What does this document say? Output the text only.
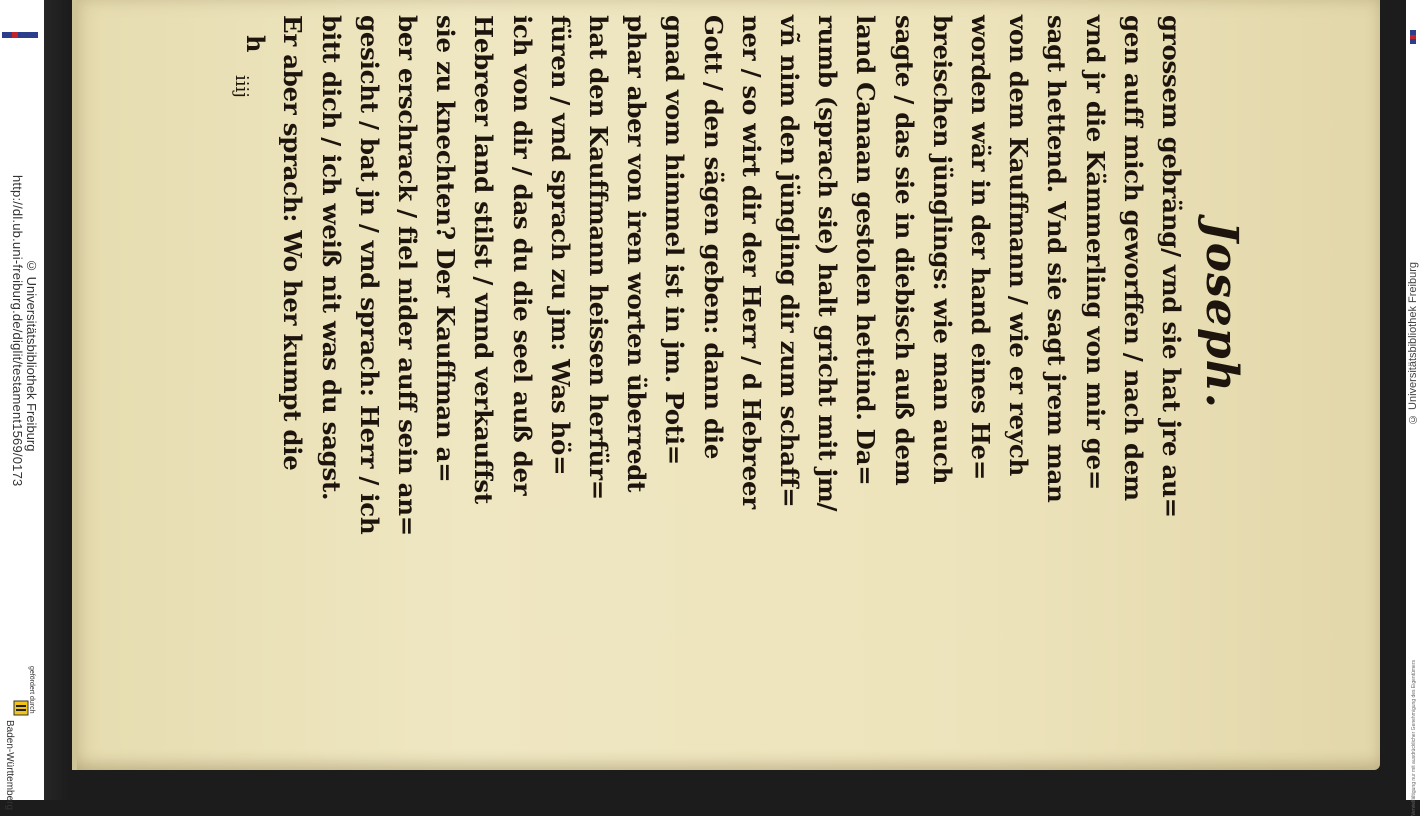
http://dl.ub.uni-freiburg.de/diglit/testament1569/0173 © Universitätsbibliothek Freiburg
gefördert durch
Baden-Württemberg
© Universitätsbibliothek Freiburg
Vervielfältigung nur mit ausdrücklicher Genehmigung des Eigentümers
Joseph.
grossem gebräng/ vnd sie hat jre au=
gen auff mich geworffen / nach dem
vnd jr die Kämmerling von mir ge=
sagt hettend. Vnd sie sagt jrem man
von dem Kauffmann / wie er reych
worden wär in der hand eines He=
breischen jünglings: wie man auch
sagte / das sie in diebisch auß dem
land Canaan gestolen hettind. Da=
rumb (sprach sie) halt gricht mit jm/
vñ nim den jüngling dir zum schaff=
ner / so wirt dir der Herr / d Hebreer
Gott / den sägen geben: dann die
gnad vom himmel ist in jm. Poti=
phar aber von iren worten überredt
hat den Kauffmann heissen herfür=
füren / vnd sprach zu jm: Was hö=
ich von dir / das du die seel auß der
Hebreer land stilst / vnnd verkauffst
sie zu knechten? Der Kauffman a=
ber erschrack / fiel nider auff sein an=
gesicht / bat jn / vnd sprach: Herr / ich
bitt dich / ich weiß nit was du sagst.
Er aber sprach: Wo her kumpt die
h
iiij
